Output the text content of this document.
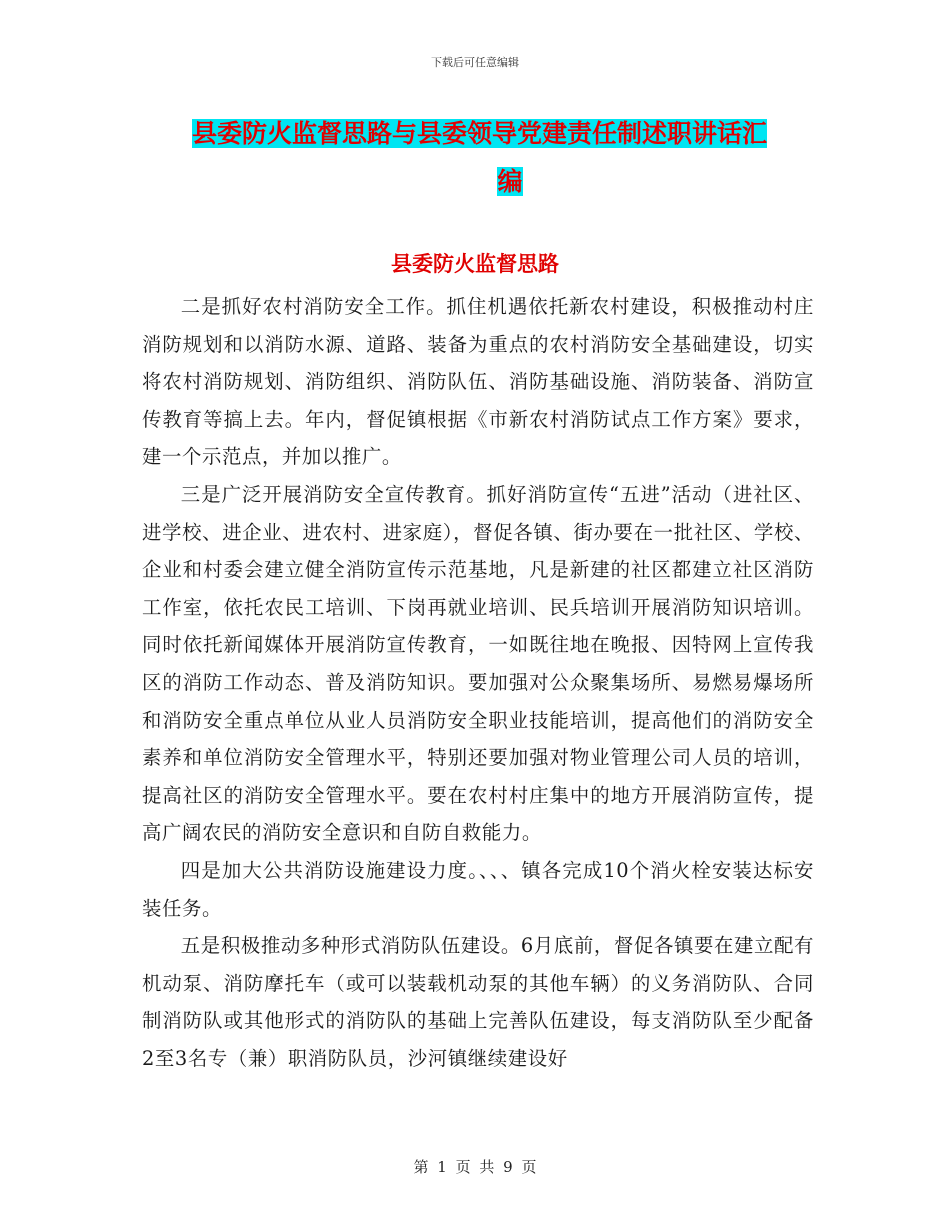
下载后可任意编辑
县委防火监督思路与县委领导党建责任制述职讲话汇
编
县委防火监督思路

二是抓好农村消防安全工作。抓住机遇依托新农村建设，积极推动村庄消防规划和以消防水源、道路、装备为重点的农村消防安全基础建设，切实将农村消防规划、消防组织、消防队伍、消防基础设施、消防装备、消防宣传教育等搞上去。年内，督促镇根据《市新农村消防试点工作方案》要求，建一个示范点，并加以推广。

三是广泛开展消防安全宣传教育。抓好消防宣传“五进”活动（进社区、进学校、进企业、进农村、进家庭），督促各镇、街办要在一批社区、学校、企业和村委会建立健全消防宣传示范基地，凡是新建的社区都建立社区消防工作室，依托农民工培训、下岗再就业培训、民兵培训开展消防知识培训。同时依托新闻媒体开展消防宣传教育，一如既往地在晚报、因特网上宣传我区的消防工作动态、普及消防知识。要加强对公众聚集场所、易燃易爆场所和消防安全重点单位从业人员消防安全职业技能培训，提高他们的消防安全素养和单位消防安全管理水平，特别还要加强对物业管理公司人员的培训，提高社区的消防安全管理水平。要在农村村庄集中的地方开展消防宣传，提高广阔农民的消防安全意识和自防自救能力。

四是加大公共消防设施建设力度。、、、镇各完成10个消火栓安装达标安装任务。

五是积极推动多种形式消防队伍建设。6月底前，督促各镇要在建立配有机动泵、消防摩托车（或可以装载机动泵的其他车辆）的义务消防队、合同制消防队或其他形式的消防队的基础上完善队伍建设，每支消防队至少配备2至3名专（兼）职消防队员，沙河镇继续建设好

第 1 页 共 9 页
